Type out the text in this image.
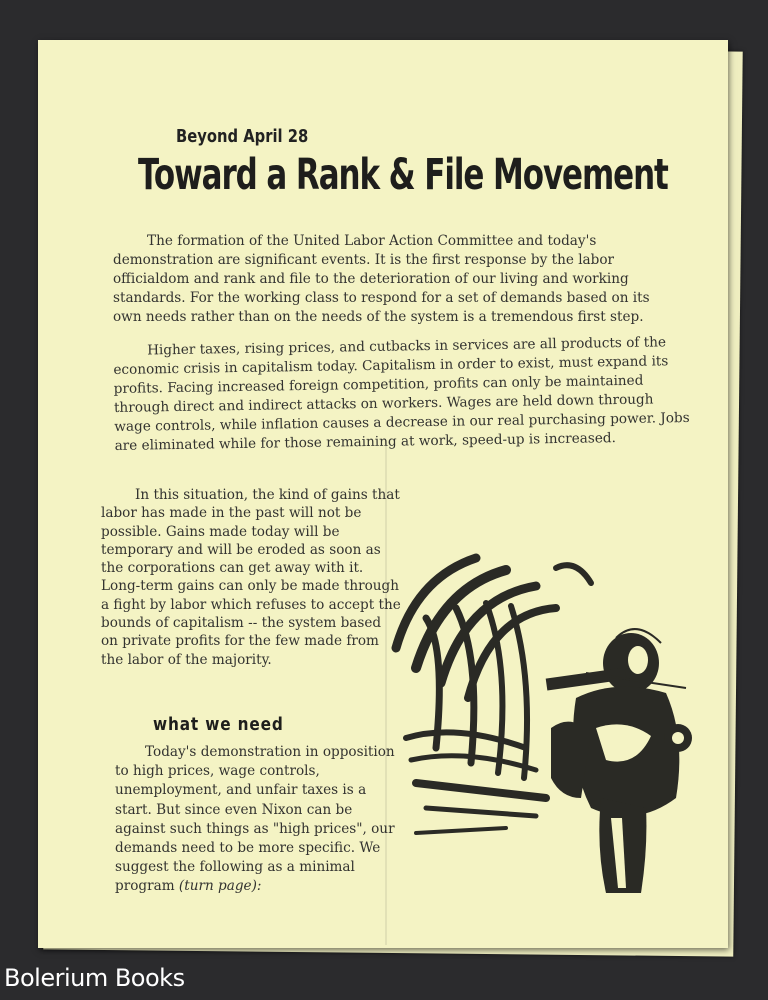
Beyond April 28
Toward a Rank & File Movement

The formation of the United Labor Action Committee and today's demonstration are significant events. It is the first response by the labor officialdom and rank and file to the deterioration of our living and working standards. For the working class to respond for a set of demands based on its own needs rather than on the needs of the system is a tremendous first step.

Higher taxes, rising prices, and cutbacks in services are all products of the economic crisis in capitalism today. Capitalism in order to exist, must expand its profits. Facing increased foreign competition, profits can only be maintained through direct and indirect attacks on workers. Wages are held down through wage controls, while inflation causes a decrease in our real purchasing power. Jobs are eliminated while for those remaining at work, speed-up is increased.

In this situation, the kind of gains that labor has made in the past will not be possible. Gains made today will be temporary and will be eroded as soon as the corporations can get away with it. Long-term gains can only be made through a fight by labor which refuses to accept the bounds of capitalism -- the system based on private profits for the few made from the labor of the majority.

what we need

Today's demonstration in opposition to high prices, wage controls, unemployment, and unfair taxes is a start. But since even Nixon can be against such things as "high prices", our demands need to be more specific. We suggest the following as a minimal program (turn page):

Bolerium Books
